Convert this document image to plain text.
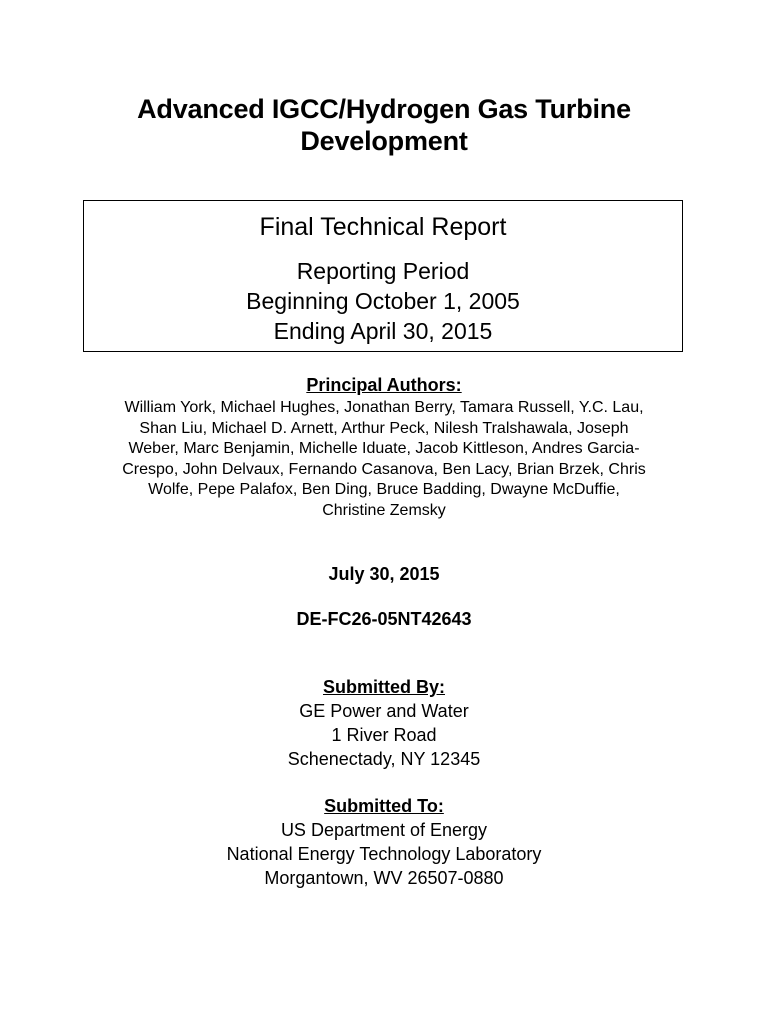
Advanced IGCC/Hydrogen Gas Turbine
Development
Final Technical Report
Reporting Period
Beginning October 1, 2005
Ending April 30, 2015
Principal Authors:
William York, Michael Hughes, Jonathan Berry, Tamara Russell, Y.C. Lau,
Shan Liu, Michael D. Arnett, Arthur Peck, Nilesh Tralshawala, Joseph
Weber, Marc Benjamin, Michelle Iduate, Jacob Kittleson, Andres Garcia-
Crespo, John Delvaux, Fernando Casanova, Ben Lacy, Brian Brzek, Chris
Wolfe, Pepe Palafox, Ben Ding, Bruce Badding, Dwayne McDuffie,
Christine Zemsky
July 30, 2015
DE-FC26-05NT42643
Submitted By:
GE Power and Water
1 River Road
Schenectady, NY 12345
Submitted To:
US Department of Energy
National Energy Technology Laboratory
Morgantown, WV 26507-0880
